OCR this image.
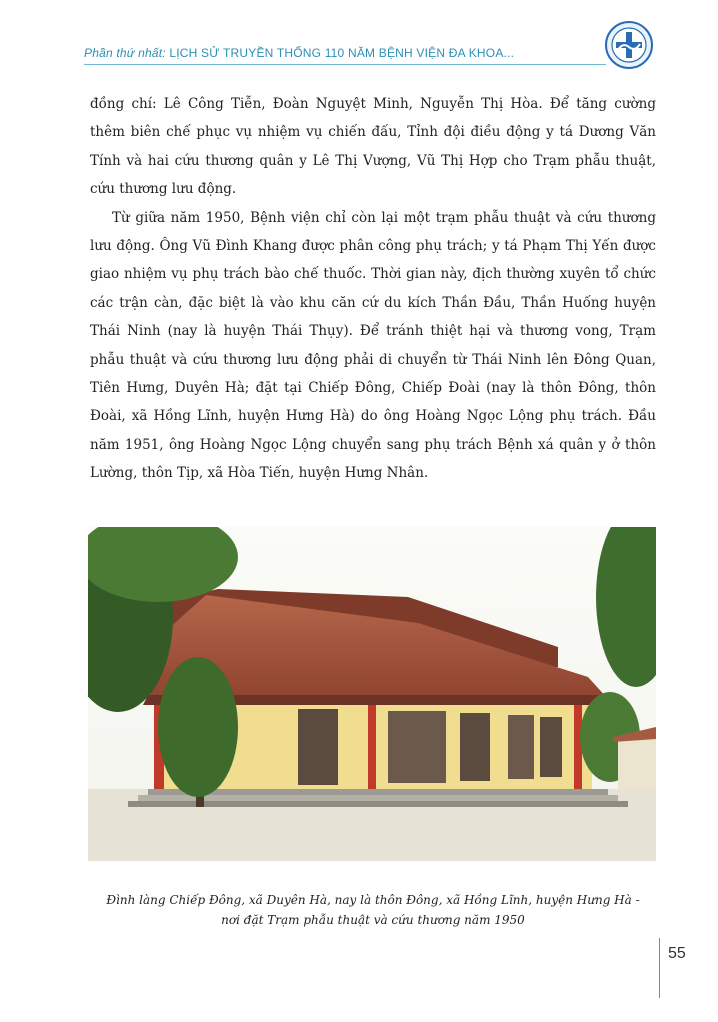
Phần thứ nhất: LỊCH SỬ TRUYỀN THỐNG 110 NĂM BỆNH VIỆN ĐA KHOA...

đồng chí: Lê Công Tiễn, Đoàn Nguyệt Minh, Nguyễn Thị Hòa. Để tăng cường thêm biên chế phục vụ nhiệm vụ chiến đấu, Tỉnh đội điều động y tá Dương Văn Tính và hai cứu thương quân y Lê Thị Vượng, Vũ Thị Hợp cho Trạm phẫu thuật, cứu thương lưu động.

Từ giữa năm 1950, Bệnh viện chỉ còn lại một trạm phẫu thuật và cứu thương lưu động. Ông Vũ Đình Khang được phân công phụ trách; y tá Phạm Thị Yến được giao nhiệm vụ phụ trách bào chế thuốc. Thời gian này, địch thường xuyên tổ chức các trận càn, đặc biệt là vào khu căn cứ du kích Thần Đầu, Thần Huống huyện Thái Ninh (nay là huyện Thái Thụy). Để tránh thiệt hại và thương vong, Trạm phẫu thuật và cứu thương lưu động phải di chuyển từ Thái Ninh lên Đông Quan, Tiên Hưng, Duyên Hà; đặt tại Chiếp Đông, Chiếp Đoài (nay là thôn Đông, thôn Đoài, xã Hồng Lĩnh, huyện Hưng Hà) do ông Hoàng Ngọc Lộng phụ trách. Đầu năm 1951, ông Hoàng Ngọc Lộng chuyển sang phụ trách Bệnh xá quân y ở thôn Lường, thôn Tịp, xã Hòa Tiến, huyện Hưng Nhân.

Đình làng Chiếp Đông, xã Duyên Hà, nay là thôn Đông, xã Hồng Lĩnh, huyện Hưng Hà -
nơi đặt Trạm phẫu thuật và cứu thương năm 1950
55
